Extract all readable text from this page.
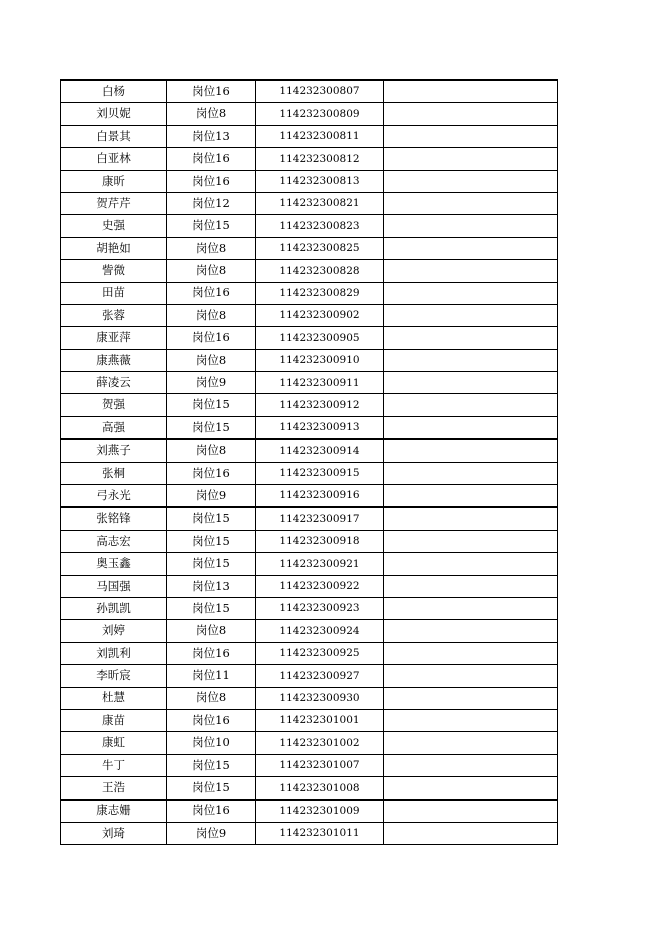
白杨	岗位16	114232300807	
刘贝妮	岗位8	114232300809	
白景其	岗位13	114232300811	
白亚林	岗位16	114232300812	
康昕	岗位16	114232300813	
贺芹芹	岗位12	114232300821	
史强	岗位15	114232300823	
胡艳如	岗位8	114232300825	
訾微	岗位8	114232300828	
田苗	岗位16	114232300829	
张蓉	岗位8	114232300902	
康亚萍	岗位16	114232300905	
康燕薇	岗位8	114232300910	
薛凌云	岗位9	114232300911	
贺强	岗位15	114232300912	
高强	岗位15	114232300913	
刘燕子	岗位8	114232300914	
张桐	岗位16	114232300915	
弓永光	岗位9	114232300916	
张铭锋	岗位15	114232300917	
高志宏	岗位15	114232300918	
奥玉鑫	岗位15	114232300921	
马国强	岗位13	114232300922	
孙凯凯	岗位15	114232300923	
刘婷	岗位8	114232300924	
刘凯利	岗位16	114232300925	
李昕宸	岗位11	114232300927	
杜慧	岗位8	114232300930	
康苗	岗位16	114232301001	
康虹	岗位10	114232301002	
牛丁	岗位15	114232301007	
王浩	岗位15	114232301008	
康志姗	岗位16	114232301009	
刘琦	岗位9	114232301011	
